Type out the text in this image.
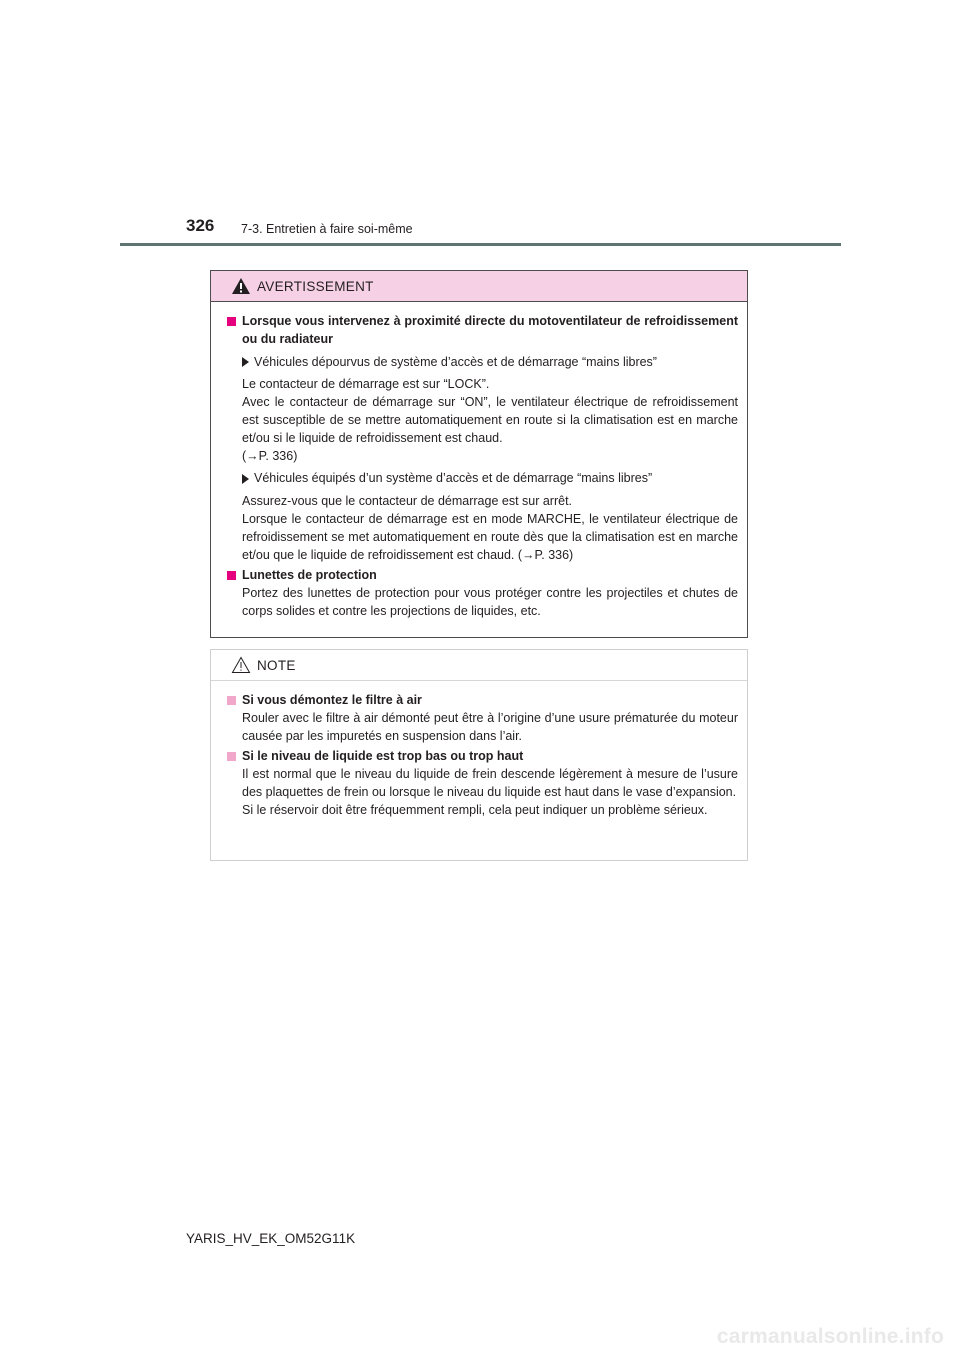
326 7-3. Entretien à faire soi-même
AVERTISSEMENT
Lorsque vous intervenez à proximité directe du motoventilateur de refroidissement ou du radiateur
Véhicules dépourvus de système d’accès et de démarrage “mains libres”

Le contacteur de démarrage est sur “LOCK”.

Avec le contacteur de démarrage sur “ON”, le ventilateur électrique de refroidissement est susceptible de se mettre automatiquement en route si la climatisation est en marche et/ou si le liquide de refroidissement est chaud.

(→P. 336)

Véhicules équipés d’un système d’accès et de démarrage “mains libres”

Assurez-vous que le contacteur de démarrage est sur arrêt.

Lorsque le contacteur de démarrage est en mode MARCHE, le ventilateur électrique de refroidissement se met automatiquement en route dès que la climatisation est en marche et/ou que le liquide de refroidissement est chaud. (→P. 336)

Lunettes de protection

Portez des lunettes de protection pour vous protéger contre les projectiles et chutes de corps solides et contre les projections de liquides, etc.

NOTE
Si vous démontez le filtre à air

Rouler avec le filtre à air démonté peut être à l’origine d’une usure prématurée du moteur causée par les impuretés en suspension dans l’air.

Si le niveau de liquide est trop bas ou trop haut

Il est normal que le niveau du liquide de frein descende légèrement à mesure de l’usure des plaquettes de frein ou lorsque le niveau du liquide est haut dans le vase d’expansion.

Si le réservoir doit être fréquemment rempli, cela peut indiquer un problème sérieux.

YARIS_HV_EK_OM52G11K
carmanualsonline.info
